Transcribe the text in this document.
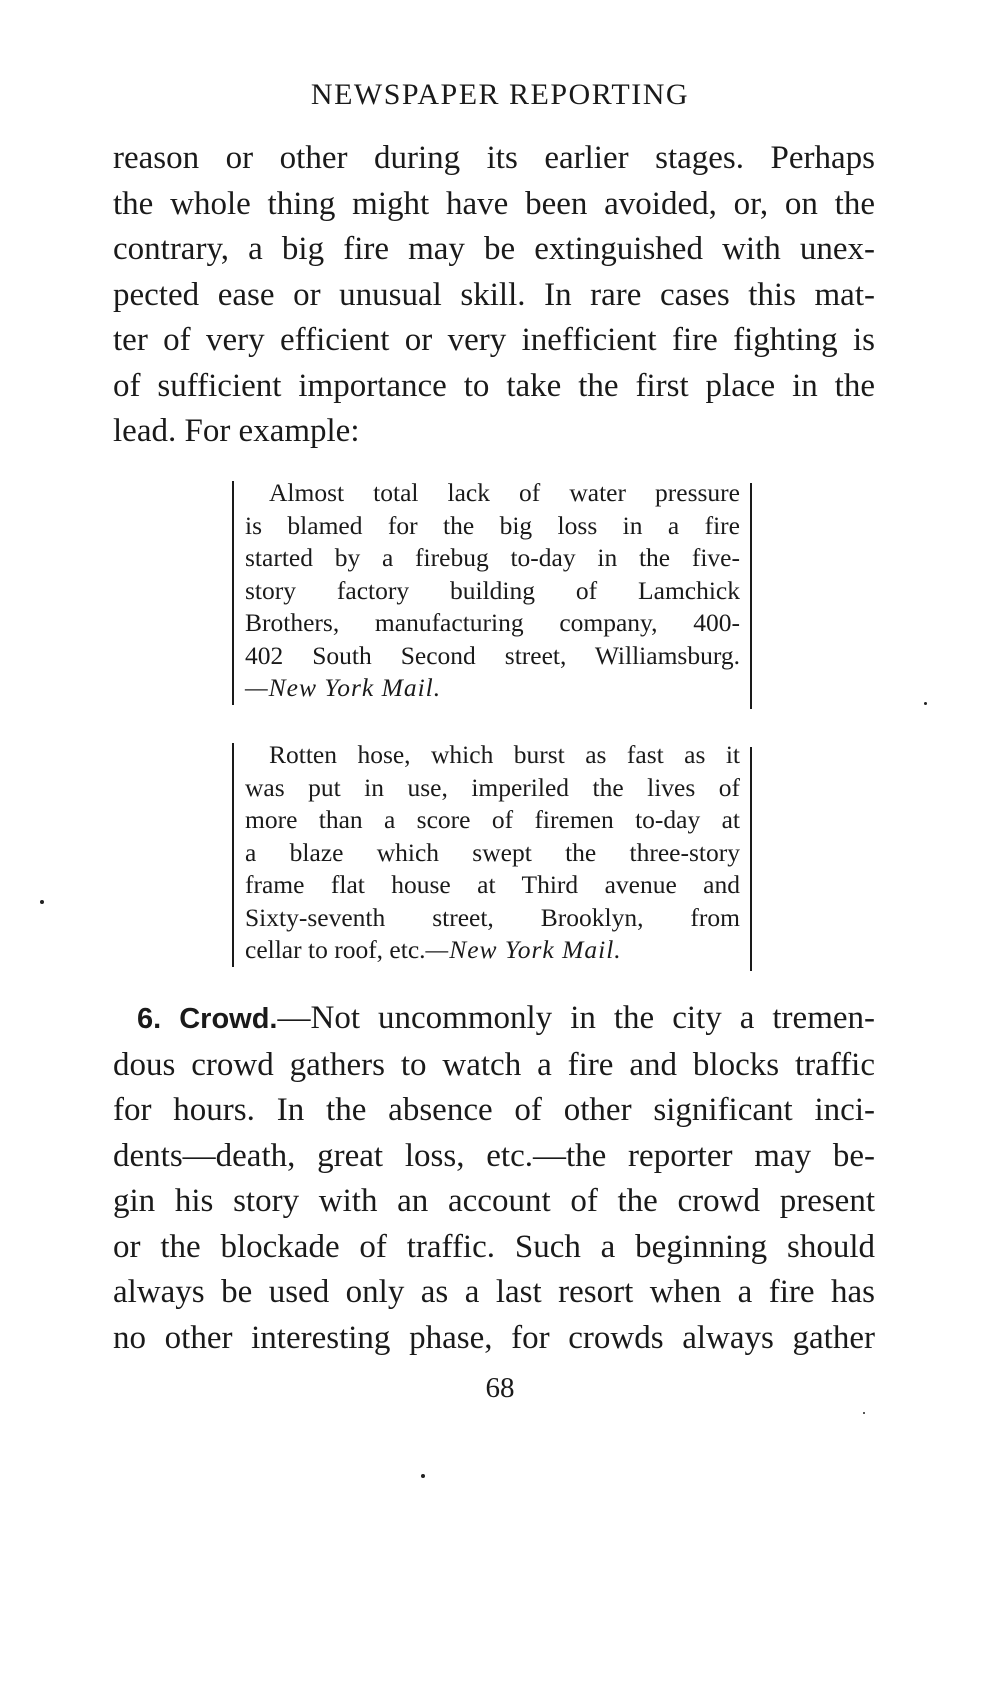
NEWSPAPER REPORTING
reason or other during its earlier stages. Perhaps
the whole thing might have been avoided, or, on the
contrary, a big fire may be extinguished with unex-
pected ease or unusual skill. In rare cases this mat-
ter of very efficient or very inefficient fire fighting is
of sufficient importance to take the first place in the
lead. For example:
Almost total lack of water pressure
is blamed for the big loss in a fire
started by a firebug to-day in the five-
story factory building of Lamchick
Brothers, manufacturing company, 400-
402 South Second street, Williamsburg.
—New York Mail.
Rotten hose, which burst as fast as it
was put in use, imperiled the lives of
more than a score of firemen to-day at
a blaze which swept the three-story
frame flat house at Third avenue and
Sixty-seventh street, Brooklyn, from
cellar to roof, etc.—New York Mail.
6. Crowd.—Not uncommonly in the city a tremen-
dous crowd gathers to watch a fire and blocks traffic
for hours. In the absence of other significant inci-
dents—death, great loss, etc.—the reporter may be-
gin his story with an account of the crowd present
or the blockade of traffic. Such a beginning should
always be used only as a last resort when a fire has
no other interesting phase, for crowds always gather
68
